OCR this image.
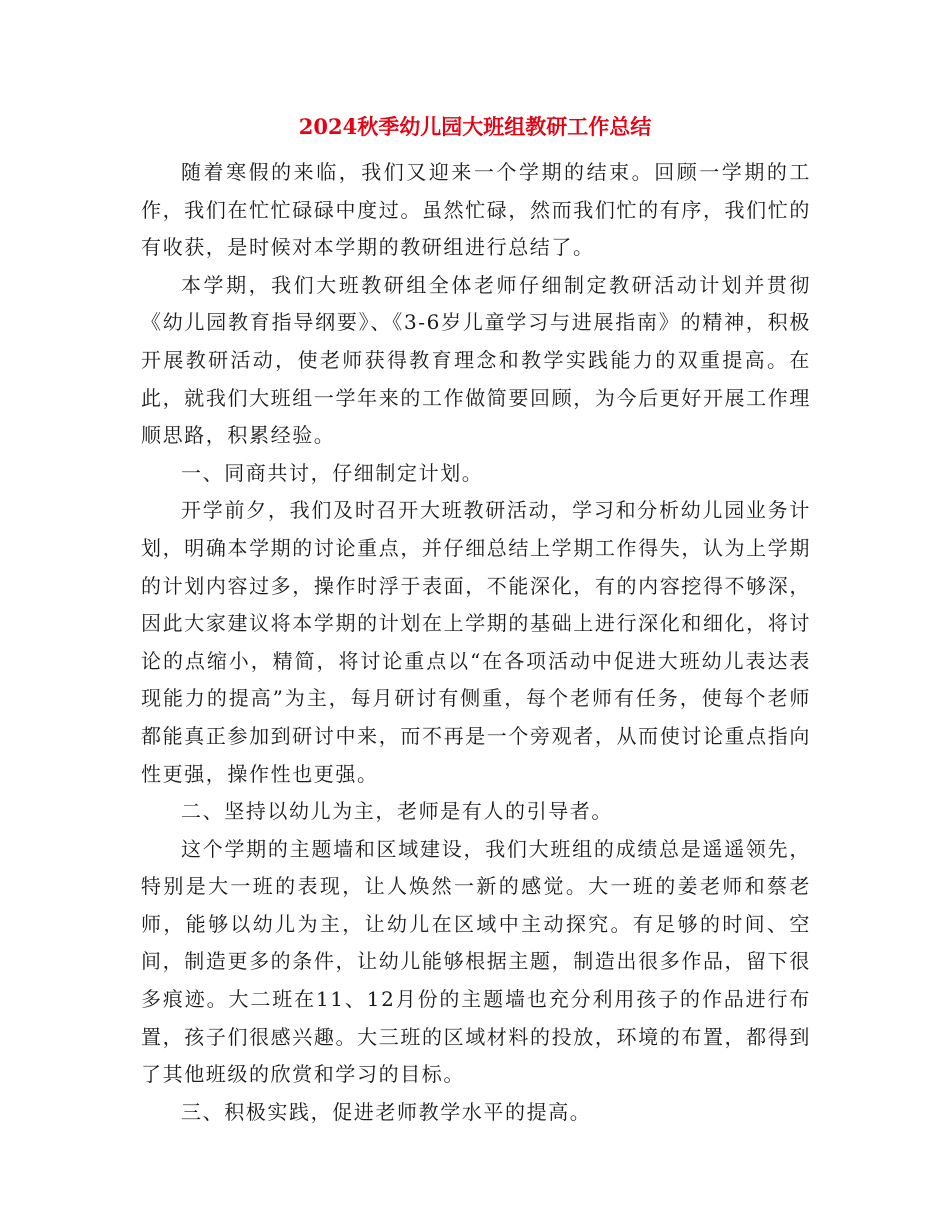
2024秋季幼儿园大班组教研工作总结

随着寒假的来临，我们又迎来一个学期的结束。回顾一学期的工作，我们在忙忙碌碌中度过。虽然忙碌，然而我们忙的有序，我们忙的有收获，是时候对本学期的教研组进行总结了。

本学期，我们大班教研组全体老师仔细制定教研活动计划并贯彻《幼儿园教育指导纲要》、《3-6岁儿童学习与进展指南》的精神，积极开展教研活动，使老师获得教育理念和教学实践能力的双重提高。在此，就我们大班组一学年来的工作做简要回顾，为今后更好开展工作理顺思路，积累经验。

一、同商共讨，仔细制定计划。

开学前夕，我们及时召开大班教研活动，学习和分析幼儿园业务计划，明确本学期的讨论重点，并仔细总结上学期工作得失，认为上学期的计划内容过多，操作时浮于表面，不能深化，有的内容挖得不够深，因此大家建议将本学期的计划在上学期的基础上进行深化和细化，将讨论的点缩小，精简，将讨论重点以“在各项活动中促进大班幼儿表达表现能力的提高”为主，每月研讨有侧重，每个老师有任务，使每个老师都能真正参加到研讨中来，而不再是一个旁观者，从而使讨论重点指向性更强，操作性也更强。

二、坚持以幼儿为主，老师是有人的引导者。

这个学期的主题墙和区域建设，我们大班组的成绩总是遥遥领先，特别是大一班的表现，让人焕然一新的感觉。大一班的姜老师和蔡老师，能够以幼儿为主，让幼儿在区域中主动探究。有足够的时间、空间，制造更多的条件，让幼儿能够根据主题，制造出很多作品，留下很多痕迹。大二班在11、12月份的主题墙也充分利用孩子的作品进行布置，孩子们很感兴趣。大三班的区域材料的投放，环境的布置，都得到了其他班级的欣赏和学习的目标。

三、积极实践，促进老师教学水平的提高。
